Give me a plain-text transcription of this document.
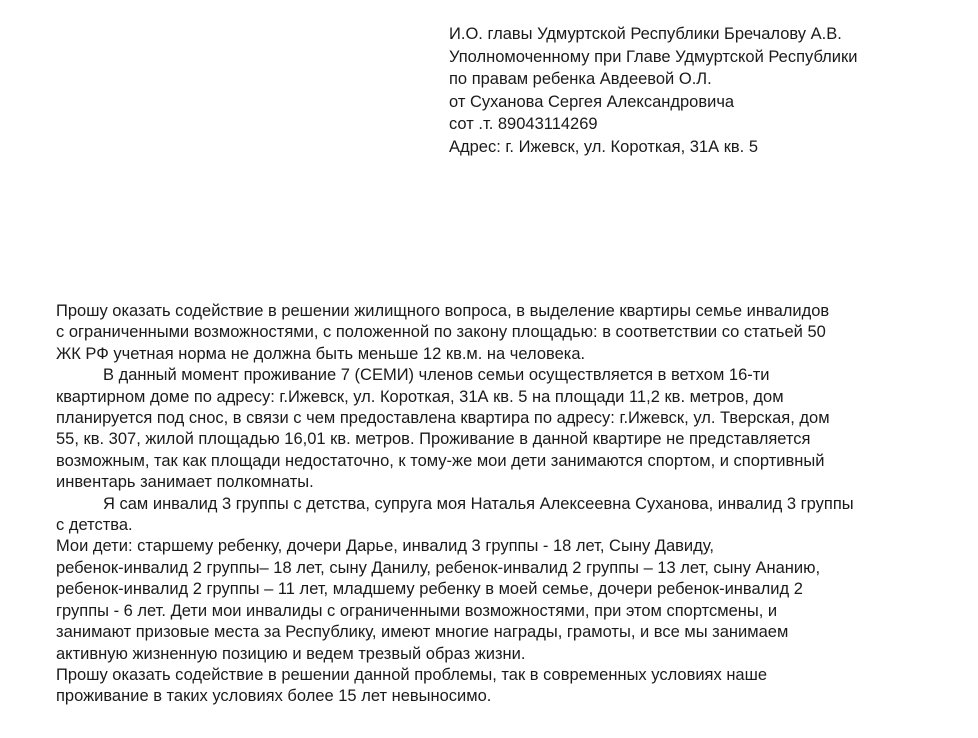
И.О. главы Удмуртской Республики Бречалову А.В.
Уполномоченному при Главе Удмуртской Республики
по правам ребенка Авдеевой О.Л.
от Суханова Сергея Александровича
сот .т. 89043114269
Адрес: г. Ижевск, ул. Короткая, 31А кв. 5
Прошу оказать содействие в решении жилищного вопроса, в выделение квартиры семье инвалидов
с ограниченными возможностями, с положенной по закону площадью: в соответствии со статьей 50
ЖК РФ учетная норма не должна быть меньше 12 кв.м. на человека.
В данный момент проживание 7 (СЕМИ) членов семьи осуществляется в ветхом 16-ти
квартирном доме по адресу: г.Ижевск, ул. Короткая, 31А кв. 5 на площади 11,2 кв. метров, дом
планируется под снос, в связи с чем предоставлена квартира по адресу: г.Ижевск, ул. Тверская, дом
55, кв. 307, жилой площадью 16,01 кв. метров. Проживание в данной квартире не представляется
возможным, так как площади недостаточно, к тому-же мои дети занимаются спортом, и спортивный
инвентарь занимает полкомнаты.
Я сам инвалид 3 группы с детства, супруга моя Наталья Алексеевна Суханова, инвалид 3 группы
с детства.
Мои дети: старшему ребенку, дочери Дарье, инвалид 3 группы - 18 лет, Сыну Давиду,
ребенок-инвалид 2 группы– 18 лет, сыну Данилу, ребенок-инвалид 2 группы – 13 лет, сыну Ананию,
ребенок-инвалид 2 группы – 11 лет, младшему ребенку в моей семье, дочери ребенок-инвалид 2
группы - 6 лет. Дети мои инвалиды с ограниченными возможностями, при этом спортсмены, и
занимают призовые места за Республику, имеют многие награды, грамоты, и все мы занимаем
активную жизненную позицию и ведем трезвый образ жизни.
Прошу оказать содействие в решении данной проблемы, так в современных условиях наше
проживание в таких условиях более 15 лет невыносимо.
